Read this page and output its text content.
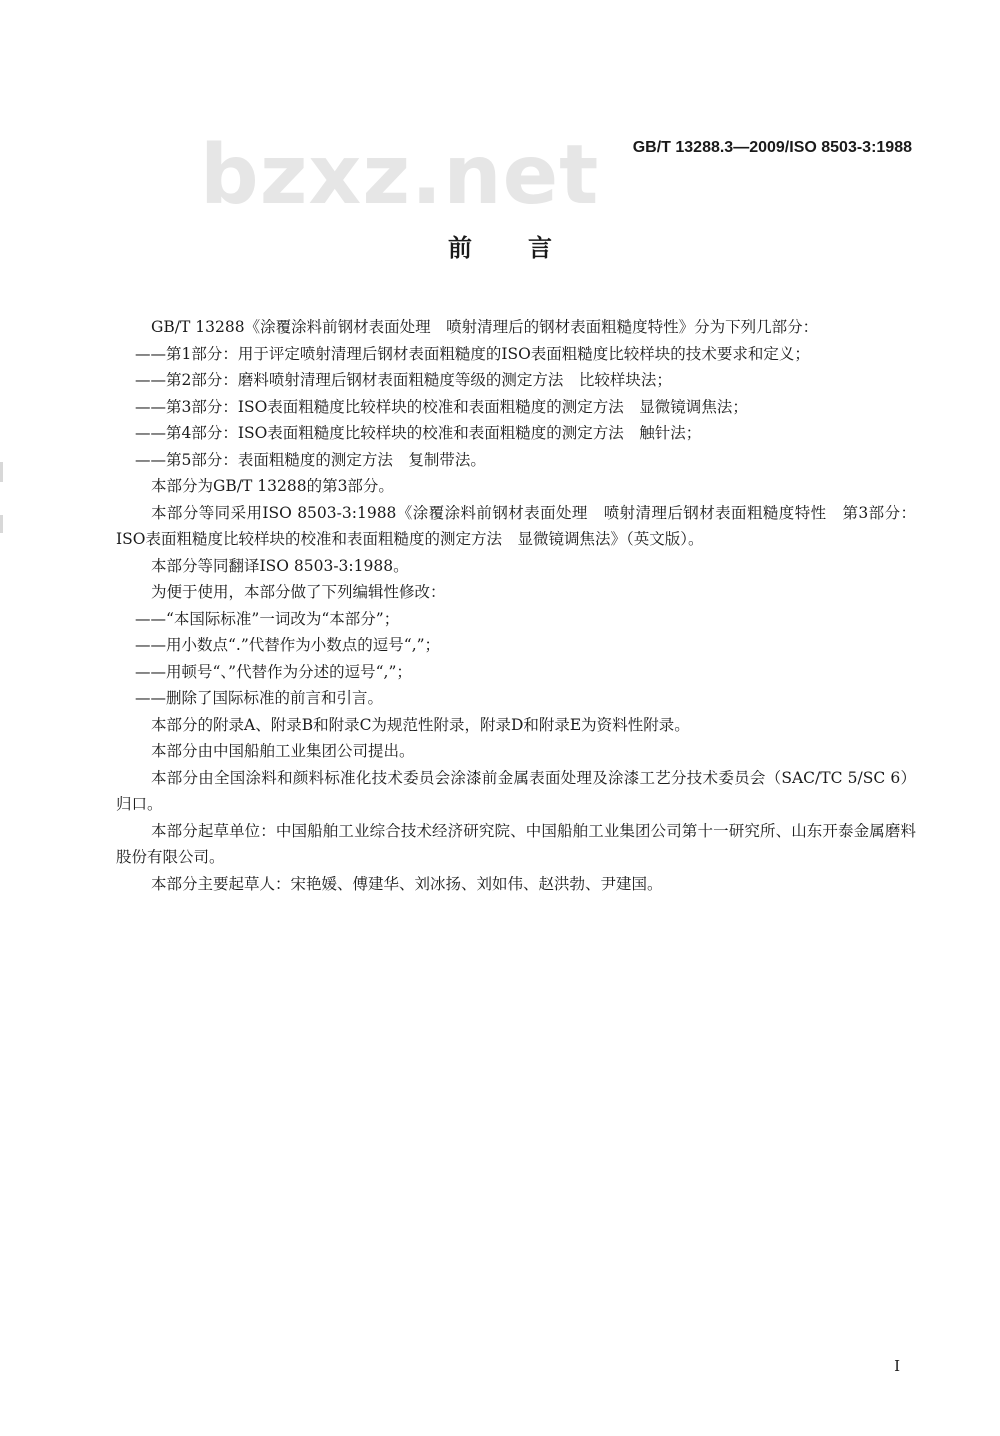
bzxz.net GB/T 13288.3—2009/ISO 8503-3:1988
前言

GB/T 13288《涂覆涂料前钢材表面处理　喷射清理后的钢材表面粗糙度特性》分为下列几部分：

——第1部分：用于评定喷射清理后钢材表面粗糙度的ISO表面粗糙度比较样块的技术要求和定义；

——第2部分：磨料喷射清理后钢材表面粗糙度等级的测定方法　比较样块法；

——第3部分：ISO表面粗糙度比较样块的校准和表面粗糙度的测定方法　显微镜调焦法；

——第4部分：ISO表面粗糙度比较样块的校准和表面粗糙度的测定方法　触针法；

——第5部分：表面粗糙度的测定方法　复制带法。

本部分为GB/T 13288的第3部分。

本部分等同采用ISO 8503-3:1988《涂覆涂料前钢材表面处理　喷射清理后钢材表面粗糙度特性　第3部分：ISO表面粗糙度比较样块的校准和表面粗糙度的测定方法　显微镜调焦法》（英文版）。

本部分等同翻译ISO 8503-3:1988。

为便于使用，本部分做了下列编辑性修改：

——“本国际标准”一词改为“本部分”；

——用小数点“.”代替作为小数点的逗号“,”；

——用顿号“、”代替作为分述的逗号“,”；

——删除了国际标准的前言和引言。

本部分的附录A、附录B和附录C为规范性附录，附录D和附录E为资料性附录。

本部分由中国船舶工业集团公司提出。

本部分由全国涂料和颜料标准化技术委员会涂漆前金属表面处理及涂漆工艺分技术委员会（SAC/TC 5/SC 6）归口。

本部分起草单位：中国船舶工业综合技术经济研究院、中国船舶工业集团公司第十一研究所、山东开泰金属磨料股份有限公司。

本部分主要起草人：宋艳媛、傅建华、刘冰扬、刘如伟、赵洪勃、尹建国。

I
